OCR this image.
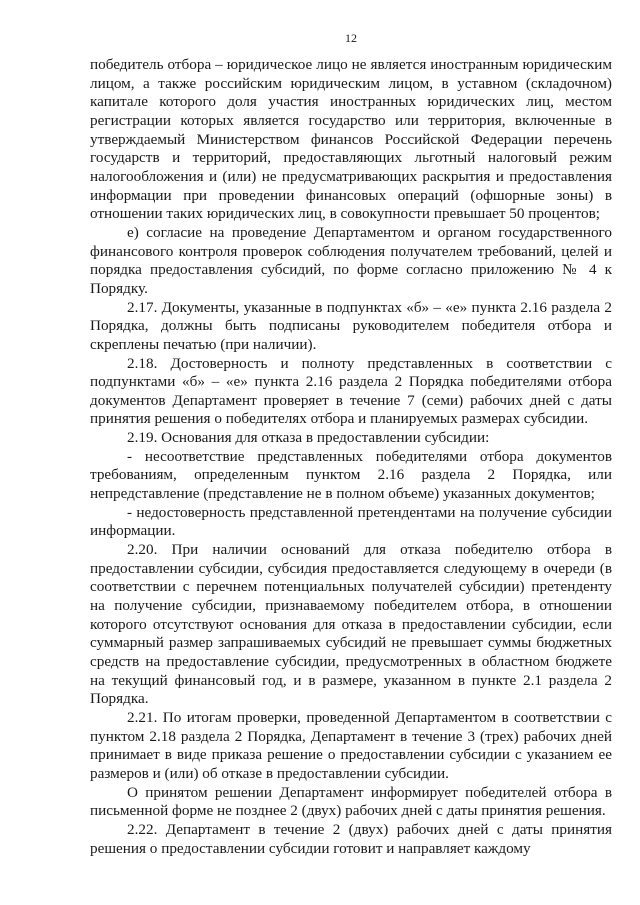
12

победитель отбора – юридическое лицо не является иностранным юридическим лицом, а также российским юридическим лицом, в уставном (складочном) капитале которого доля участия иностранных юридических лиц, местом регистрации которых является государство или территория, включенные в утверждаемый Министерством финансов Российской Федерации перечень государств и территорий, предоставляющих льготный налоговый режим налогообложения и (или) не предусматривающих раскрытия и предоставления информации при проведении финансовых операций (офшорные зоны) в отношении таких юридических лиц, в совокупности превышает 50 процентов;

е) согласие на проведение Департаментом и органом государственного финансового контроля проверок соблюдения получателем требований, целей и порядка предоставления субсидий, по форме согласно приложению № 4 к Порядку.

2.17. Документы, указанные в подпунктах «б» – «е» пункта 2.16 раздела 2 Порядка, должны быть подписаны руководителем победителя отбора и скреплены печатью (при наличии).

2.18. Достоверность и полноту представленных в соответствии с подпунктами «б» – «е» пункта 2.16 раздела 2 Порядка победителями отбора документов Департамент проверяет в течение 7 (семи) рабочих дней с даты принятия решения о победителях отбора и планируемых размерах субсидии.

2.19. Основания для отказа в предоставлении субсидии:

- несоответствие представленных победителями отбора документов требованиям, определенным пунктом 2.16 раздела 2 Порядка, или непредставление (представление не в полном объеме) указанных документов;

- недостоверность представленной претендентами на получение субсидии информации.

2.20. При наличии оснований для отказа победителю отбора в предоставлении субсидии, субсидия предоставляется следующему в очереди (в соответствии с перечнем потенциальных получателей субсидии) претенденту на получение субсидии, признаваемому победителем отбора, в отношении которого отсутствуют основания для отказа в предоставлении субсидии, если суммарный размер запрашиваемых субсидий не превышает суммы бюджетных средств на предоставление субсидии, предусмотренных в областном бюджете на текущий финансовый год, и в размере, указанном в пункте 2.1 раздела 2 Порядка.

2.21. По итогам проверки, проведенной Департаментом в соответствии с пунктом 2.18 раздела 2 Порядка, Департамент в течение 3 (трех) рабочих дней принимает в виде приказа решение о предоставлении субсидии с указанием ее размеров и (или) об отказе в предоставлении субсидии.

О принятом решении Департамент информирует победителей отбора в письменной форме не позднее 2 (двух) рабочих дней с даты принятия решения.

2.22. Департамент в течение 2 (двух) рабочих дней с даты принятия решения о предоставлении субсидии готовит и направляет каждому
